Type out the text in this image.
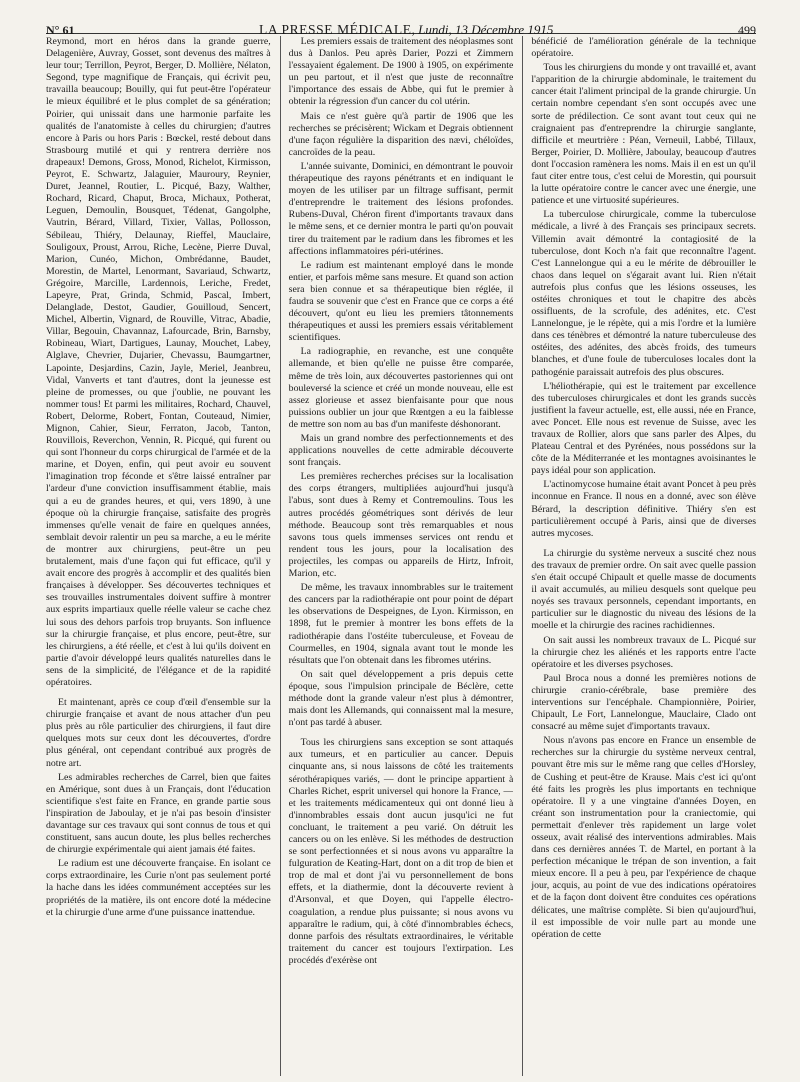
N° 61	LA PRESSE MÉDICALE, Lundi, 13 Décembre 1915	499

Reymond, mort en héros dans la grande guerre, Delagenière, Auvray, Gosset, sont devenus des maîtres à leur tour; Terrillon, Peyrot, Berger, D. Mollière, Nélaton, Segond, type magnifique de Français, qui écrivit peu, travailla beaucoup; Bouilly, qui fut peut-être l'opérateur le mieux équilibré et le plus complet de sa génération; Poirier, qui unissait dans une harmonie parfaite les qualités de l'anatomiste à celles du chirurgien; d'autres encore à Paris ou hors Paris : Bœckel, resté debout dans Strasbourg mutilé et qui y rentrera derrière nos drapeaux! Demons, Gross, Monod, Richelot, Kirmisson, Peyrot, E. Schwartz, Jalaguier, Mauroury, Reynier, Duret, Jeannel, Routier, L. Picqué, Bazy, Walther, Rochard, Ricard, Chaput, Broca, Michaux, Potherat, Leguen, Demoulin, Bousquet, Tédenat, Gangolphe, Vautrin, Bérard, Villard, Tixier, Vallas, Pollosson, Sébileau, Thiéry, Delaunay, Rieffel, Mauclaire, Souligoux, Proust, Arrou, Riche, Lecène, Pierre Duval, Marion, Cunéo, Michon, Ombrédanne, Baudet, Morestin, de Martel, Lenormant, Savariaud, Schwartz, Grégoire, Marcille, Lardennois, Leriche, Fredet, Lapeyre, Prat, Grinda, Schmid, Pascal, Imbert, Delanglade, Destot, Gaudier, Gouilloud, Sencert, Michel, Albertin, Vignard, de Rouville, Vitrac, Abadie, Villar, Begouin, Chavannaz, Lafourcade, Brin, Barnsby, Robineau, Wiart, Dartigues, Launay, Mouchet, Labey, Alglave, Chevrier, Dujarier, Chevassu, Baumgartner, Lapointe, Desjardins, Cazin, Jayle, Meriel, Jeanbreu, Vidal, Vanverts et tant d'autres, dont la jeunesse est pleine de promesses, ou que j'oublie, ne pouvant les nommer tous! Et parmi les militaires, Rochard, Chauvel, Robert, Delorme, Robert, Fontan, Couteaud, Nimier, Mignon, Cahier, Sieur, Ferraton, Jacob, Tanton, Rouvillois, Reverchon, Vennin, R. Picqué, qui furent ou qui sont l'honneur du corps chirurgical de l'armée et de la marine, et Doyen, enfin, qui peut avoir eu souvent l'imagination trop féconde et s'être laissé entraîner par l'ardeur d'une conviction insuffisamment établie, mais qui a eu de grandes heures, et qui, vers 1890, à une époque où la chirurgie française, satisfaite des progrès immenses qu'elle venait de faire en quelques années, semblait devoir ralentir un peu sa marche, a eu le mérite de montrer aux chirurgiens, peut-être un peu brutalement, mais d'une façon qui fut efficace, qu'il y avait encore des progrès à accomplir et des qualités bien françaises à développer. Ses découvertes techniques et ses trouvailles instrumentales doivent suffire à montrer aux esprits impartiaux quelle réelle valeur se cache chez lui sous des dehors parfois trop bruyants. Son influence sur la chirurgie française, et plus encore, peut-être, sur les chirurgiens, a été réelle, et c'est à lui qu'ils doivent en partie d'avoir développé leurs qualités naturelles dans le sens de la simplicité, de l'élégance et de la rapidité opératoires.

Et maintenant, après ce coup d'œil d'ensemble sur la chirurgie française et avant de nous attacher d'un peu plus près au rôle particulier des chirurgiens, il faut dire quelques mots sur ceux dont les découvertes, d'ordre plus général, ont cependant contribué aux progrès de notre art.

Les admirables recherches de Carrel, bien que faites en Amérique, sont dues à un Français, dont l'éducation scientifique s'est faite en France, en grande partie sous l'inspiration de Jaboulay, et je n'ai pas besoin d'insister davantage sur ces travaux qui sont connus de tous et qui constituent, sans aucun doute, les plus belles recherches de chirurgie expérimentale qui aient jamais été faites.

Le radium est une découverte française. En isolant ce corps extraordinaire, les Curie n'ont pas seulement porté la hache dans les idées communément acceptées sur les propriétés de la matière, ils ont encore doté la médecine et la chirurgie d'une arme d'une puissance inattendue.

Les premiers essais de traitement des néoplasmes sont dus à Danlos. Peu après Darier, Pozzi et Zimmern l'essayaient également. De 1900 à 1905, on expérimente un peu partout, et il n'est que juste de reconnaître l'importance des essais de Abbe, qui fut le premier à obtenir la régression d'un cancer du col utérin.

Mais ce n'est guère qu'à partir de 1906 que les recherches se précisèrent; Wickam et Degrais obtiennent d'une façon régulière la disparition des nævi, chéloïdes, cancroïdes de la peau.

L'année suivante, Dominici, en démontrant le pouvoir thérapeutique des rayons pénétrants et en indiquant le moyen de les utiliser par un filtrage suffisant, permit d'entreprendre le traitement des lésions profondes. Rubens-Duval, Chéron firent d'importants travaux dans le même sens, et ce dernier montra le parti qu'on pouvait tirer du traitement par le radium dans les fibromes et les affections inflammatoires péri-utérines.

Le radium est maintenant employé dans le monde entier, et parfois même sans mesure. Et quand son action sera bien connue et sa thérapeutique bien réglée, il faudra se souvenir que c'est en France que ce corps a été découvert, qu'ont eu lieu les premiers tâtonnements thérapeutiques et aussi les premiers essais véritablement scientifiques.

La radiographie, en revanche, est une conquête allemande, et bien qu'elle ne puisse être comparée, même de très loin, aux découvertes pastoriennes qui ont bouleversé la science et créé un monde nouveau, elle est assez glorieuse et assez bienfaisante pour que nous puissions oublier un jour que Rœntgen a eu la faiblesse de mettre son nom au bas d'un manifeste déshonorant.

Mais un grand nombre des perfectionnements et des applications nouvelles de cette admirable découverte sont français.

Les premières recherches précises sur la localisation des corps étrangers, multipliées aujourd'hui jusqu'à l'abus, sont dues à Remy et Contremoulins. Tous les autres procédés géométriques sont dérivés de leur méthode. Beaucoup sont très remarquables et nous savons tous quels immenses services ont rendu et rendent tous les jours, pour la localisation des projectiles, les compas ou appareils de Hirtz, Infroit, Marion, etc.

De même, les travaux innombrables sur le traitement des cancers par la radiothérapie ont pour point de départ les observations de Despeignes, de Lyon. Kirmisson, en 1898, fut le premier à montrer les bons effets de la radiothérapie dans l'ostéite tuberculeuse, et Foveau de Courmelles, en 1904, signala avant tout le monde les résultats que l'on obtenait dans les fibromes utérins.

On sait quel développement a pris depuis cette époque, sous l'impulsion principale de Béclère, cette méthode dont la grande valeur n'est plus à démontrer, mais dont les Allemands, qui connaissent mal la mesure, n'ont pas tardé à abuser.

Tous les chirurgiens sans exception se sont attaqués aux tumeurs, et en particulier au cancer. Depuis cinquante ans, si nous laissons de côté les traitements sérothérapiques variés, — dont le principe appartient à Charles Richet, esprit universel qui honore la France, — et les traitements médicamenteux qui ont donné lieu à d'innombrables essais dont aucun jusqu'ici ne fut concluant, le traitement a peu varié. On détruit les cancers ou on les enlève. Si les méthodes de destruction se sont perfectionnées et si nous avons vu apparaître la fulguration de Keating-Hart, dont on a dit trop de bien et trop de mal et dont j'ai vu personnellement de bons effets, et la diathermie, dont la découverte revient à d'Arsonval, et que Doyen, qui l'appelle électro-coagulation, a rendue plus puissante; si nous avons vu apparaître le radium, qui, à côté d'innombrables échecs, donne parfois des résultats extraordinaires, le véritable traitement du cancer est toujours l'extirpation. Les procédés d'exérèse ont

bénéficié de l'amélioration générale de la technique opératoire.

Tous les chirurgiens du monde y ont travaillé et, avant l'apparition de la chirurgie abdominale, le traitement du cancer était l'aliment principal de la grande chirurgie. Un certain nombre cependant s'en sont occupés avec une sorte de prédilection. Ce sont avant tout ceux qui ne craignaient pas d'entreprendre la chirurgie sanglante, difficile et meurtrière : Péan, Verneuil, Labbé, Tillaux, Berger, Poirier, D. Mollière, Jaboulay, beaucoup d'autres dont l'occasion ramènera les noms. Mais il en est un qu'il faut citer entre tous, c'est celui de Morestin, qui poursuit la lutte opératoire contre le cancer avec une énergie, une patience et une virtuosité supérieures.

La tuberculose chirurgicale, comme la tuberculose médicale, a livré à des Français ses principaux secrets. Villemin avait démontré la contagiosité de la tuberculose, dont Koch n'a fait que reconnaître l'agent. C'est Lannelongue qui a eu le mérite de débrouiller le chaos dans lequel on s'égarait avant lui. Rien n'était autrefois plus confus que les lésions osseuses, les ostéites chroniques et tout le chapitre des abcès ossifluents, de la scrofule, des adénites, etc. C'est Lannelongue, je le répète, qui a mis l'ordre et la lumière dans ces ténèbres et démontré la nature tuberculeuse des ostéites, des adénites, des abcès froids, des tumeurs blanches, et d'une foule de tuberculoses locales dont la pathogénie paraissait autrefois des plus obscures.

L'héliothérapie, qui est le traitement par excellence des tuberculoses chirurgicales et dont les grands succès justifient la faveur actuelle, est, elle aussi, née en France, avec Poncet. Elle nous est revenue de Suisse, avec les travaux de Rollier, alors que sans parler des Alpes, du Plateau Central et des Pyrénées, nous possédons sur la côte de la Méditerranée et les montagnes avoisinantes le pays idéal pour son application.

L'actinomycose humaine était avant Poncet à peu près inconnue en France. Il nous en a donné, avec son élève Bérard, la description définitive. Thiéry s'en est particulièrement occupé à Paris, ainsi que de diverses autres mycoses.

La chirurgie du système nerveux a suscité chez nous des travaux de premier ordre. On sait avec quelle passion s'en était occupé Chipault et quelle masse de documents il avait accumulés, au milieu desquels sont quelque peu noyés ses travaux personnels, cependant importants, en particulier sur le diagnostic du niveau des lésions de la moelle et la chirurgie des racines rachidiennes.

On sait aussi les nombreux travaux de L. Picqué sur la chirurgie chez les aliénés et les rapports entre l'acte opératoire et les diverses psychoses.

Paul Broca nous a donné les premières notions de chirurgie cranio-cérébrale, base première des interventions sur l'encéphale. Championnière, Poirier, Chipault, Le Fort, Lannelongue, Mauclaire, Clado ont consacré au même sujet d'importants travaux.

Nous n'avons pas encore en France un ensemble de recherches sur la chirurgie du système nerveux central, pouvant être mis sur le même rang que celles d'Horsley, de Cushing et peut-être de Krause. Mais c'est ici qu'ont été faits les progrès les plus importants en technique opératoire. Il y a une vingtaine d'années Doyen, en créant son instrumentation pour la craniectomie, qui permettait d'enlever très rapidement un large volet osseux, avait réalisé des interventions admirables. Mais dans ces dernières années T. de Martel, en portant à la perfection mécanique le trépan de son invention, a fait mieux encore. Il a peu à peu, par l'expérience de chaque jour, acquis, au point de vue des indications opératoires et de la façon dont doivent être conduites ces opérations délicates, une maîtrise complète. Si bien qu'aujourd'hui, il est impossible de voir nulle part au monde une opération de cette
